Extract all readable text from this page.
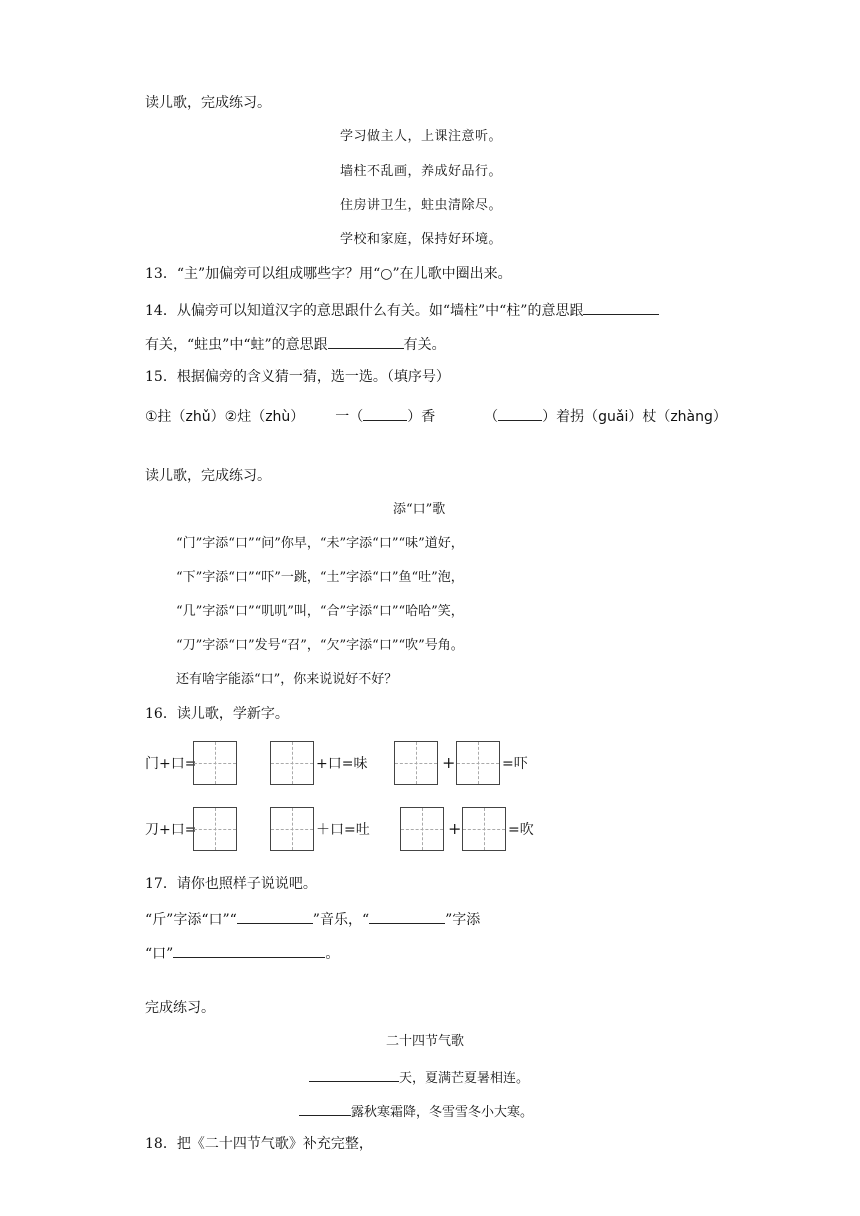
读儿歌，完成练习。
学习做主人，上课注意听。
墙柱不乱画，养成好品行。
住房讲卫生，蛀虫清除尽。
学校和家庭，保持好环境。
13．“主”加偏旁可以组成哪些字？用“○”在儿歌中圈出来。
14．从偏旁可以知道汉字的意思跟什么有关。如“墙柱”中“柱”的意思跟
有关，“蛀虫”中“蛀”的意思跟	有关。
15．根据偏旁的含义猜一猜，选一选。（填序号）
①拄（zhǔ）②炷（zhù） 一（	）香	（	）着拐（guǎi）杖（zhàng）
读儿歌，完成练习。
添“口”歌
“门”字添“口”“问”你早，“未”字添“口”“味”道好，
“下”字添“口”“吓”一跳，“土”字添“口”鱼“吐”泡，
“几”字添“口”“叽叽”叫，“合”字添“口”“哈哈”笑，
“刀”字添“口”发号“召”，“欠”字添“口”“吹”号角。
还有啥字能添“口”，你来说说好不好？
16．读儿歌，学新字。
门+口=	+口=味	+	=吓
刀+口=	＋口=吐	+	=吹
17．请你也照样子说说吧。
“斤”字添“口”“	”音乐，“	”字添
“口”	。
完成练习。
二十四节气歌
天，夏满芒夏暑相连。
露秋寒霜降，冬雪雪冬小大寒。
18．把《二十四节气歌》补充完整，
